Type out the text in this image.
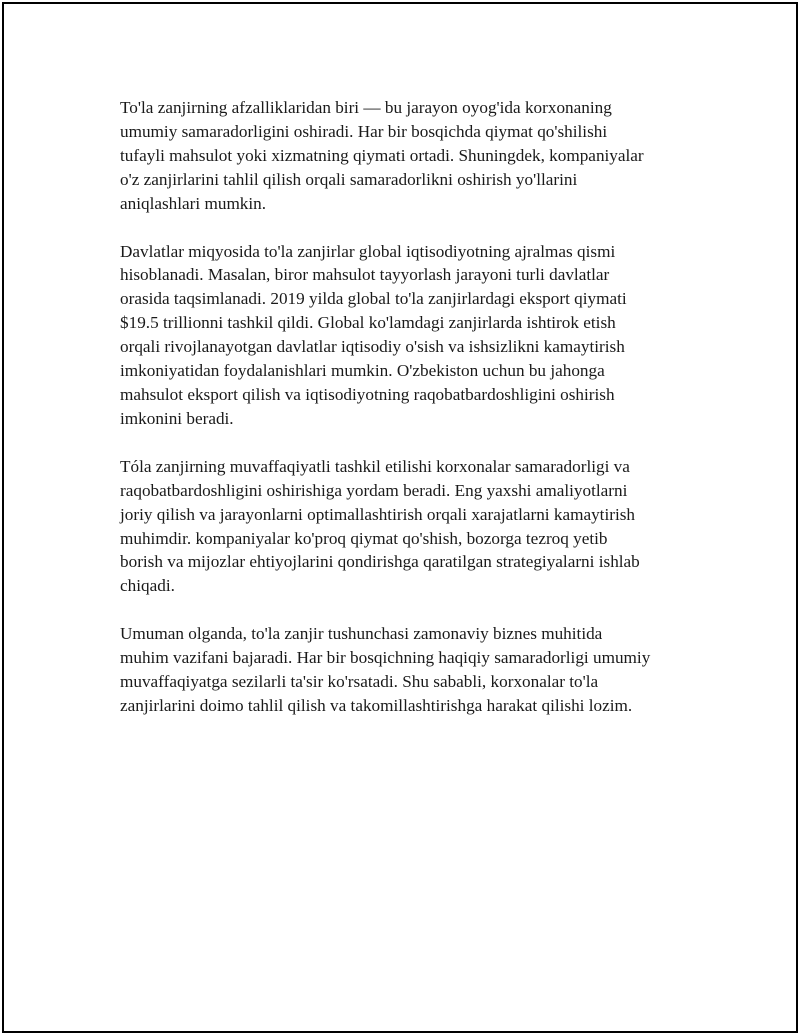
To'la zanjirning afzalliklaridan biri — bu jarayon oyog'ida korxonaning
umumiy samaradorligini oshiradi. Har bir bosqichda qiymat qo'shilishi
tufayli mahsulot yoki xizmatning qiymati ortadi. Shuningdek, kompaniyalar
o'z zanjirlarini tahlil qilish orqali samaradorlikni oshirish yo'llarini
aniqlashlari mumkin.

Davlatlar miqyosida to'la zanjirlar global iqtisodiyotning ajralmas qismi
hisoblanadi. Masalan, biror mahsulot tayyorlash jarayoni turli davlatlar
orasida taqsimlanadi. 2019 yilda global to'la zanjirlardagi eksport qiymati
$19.5 trillionni tashkil qildi. Global ko'lamdagi zanjirlarda ishtirok etish
orqali rivojlanayotgan davlatlar iqtisodiy o'sish va ishsizlikni kamaytirish
imkoniyatidan foydalanishlari mumkin. O'zbekiston uchun bu jahonga
mahsulot eksport qilish va iqtisodiyotning raqobatbardoshligini oshirish
imkonini beradi.

Tóla zanjirning muvaffaqiyatli tashkil etilishi korxonalar samaradorligi va
raqobatbardoshligini oshirishiga yordam beradi. Eng yaxshi amaliyotlarni
joriy qilish va jarayonlarni optimallashtirish orqali xarajatlarni kamaytirish
muhimdir. kompaniyalar ko'proq qiymat qo'shish, bozorga tezroq yetib
borish va mijozlar ehtiyojlarini qondirishga qaratilgan strategiyalarni ishlab
chiqadi.

Umuman olganda, to'la zanjir tushunchasi zamonaviy biznes muhitida
muhim vazifani bajaradi. Har bir bosqichning haqiqiy samaradorligi umumiy
muvaffaqiyatga sezilarli ta'sir ko'rsatadi. Shu sababli, korxonalar to'la
zanjirlarini doimo tahlil qilish va takomillashtirishga harakat qilishi lozim.
